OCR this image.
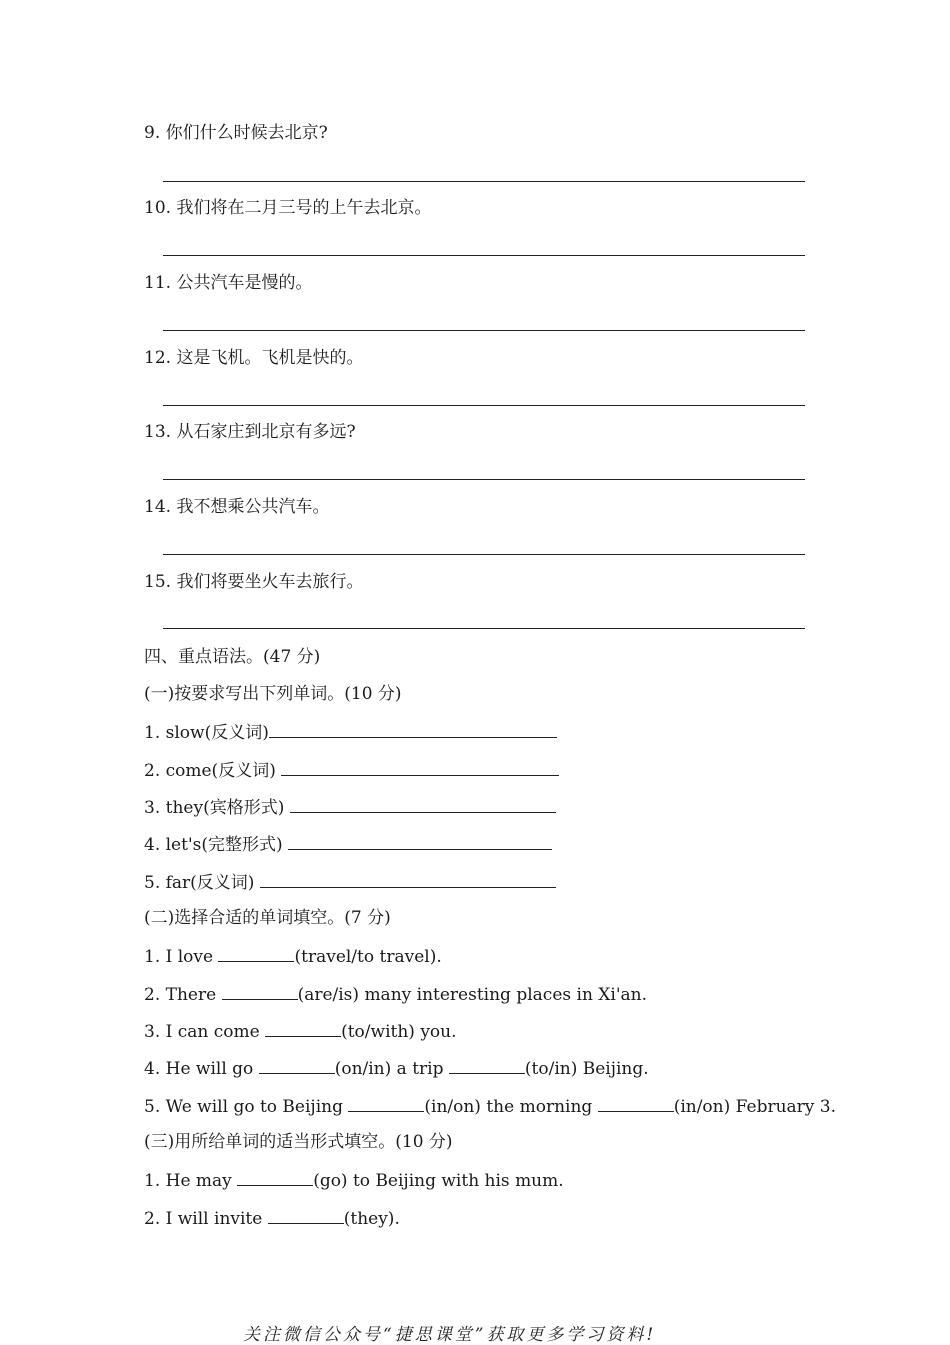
9. 你们什么时候去北京?
10. 我们将在二月三号的上午去北京。
11. 公共汽车是慢的。
12. 这是飞机。飞机是快的。
13. 从石家庄到北京有多远?
14. 我不想乘公共汽车。
15. 我们将要坐火车去旅行。
四、重点语法。(47 分)
(一)按要求写出下列单词。(10 分)
1. slow(反义词)
2. come(反义词)
3. they(宾格形式)
4. let's(完整形式)
5. far(反义词)
(二)选择合适的单词填空。(7 分)
1. I love	(travel/to travel).
2. There	(are/is) many interesting places in Xi'an.
3. I can come	(to/with) you.
4. He will go	(on/in) a trip	(to/in) Beijing.
5. We will go to Beijing	(in/on) the morning	(in/on) February 3.
(三)用所给单词的适当形式填空。(10 分)
1. He may	(go) to Beijing with his mum.
2. I will invite	(they).
关注微信公众号“捷思课堂”获取更多学习资料!
